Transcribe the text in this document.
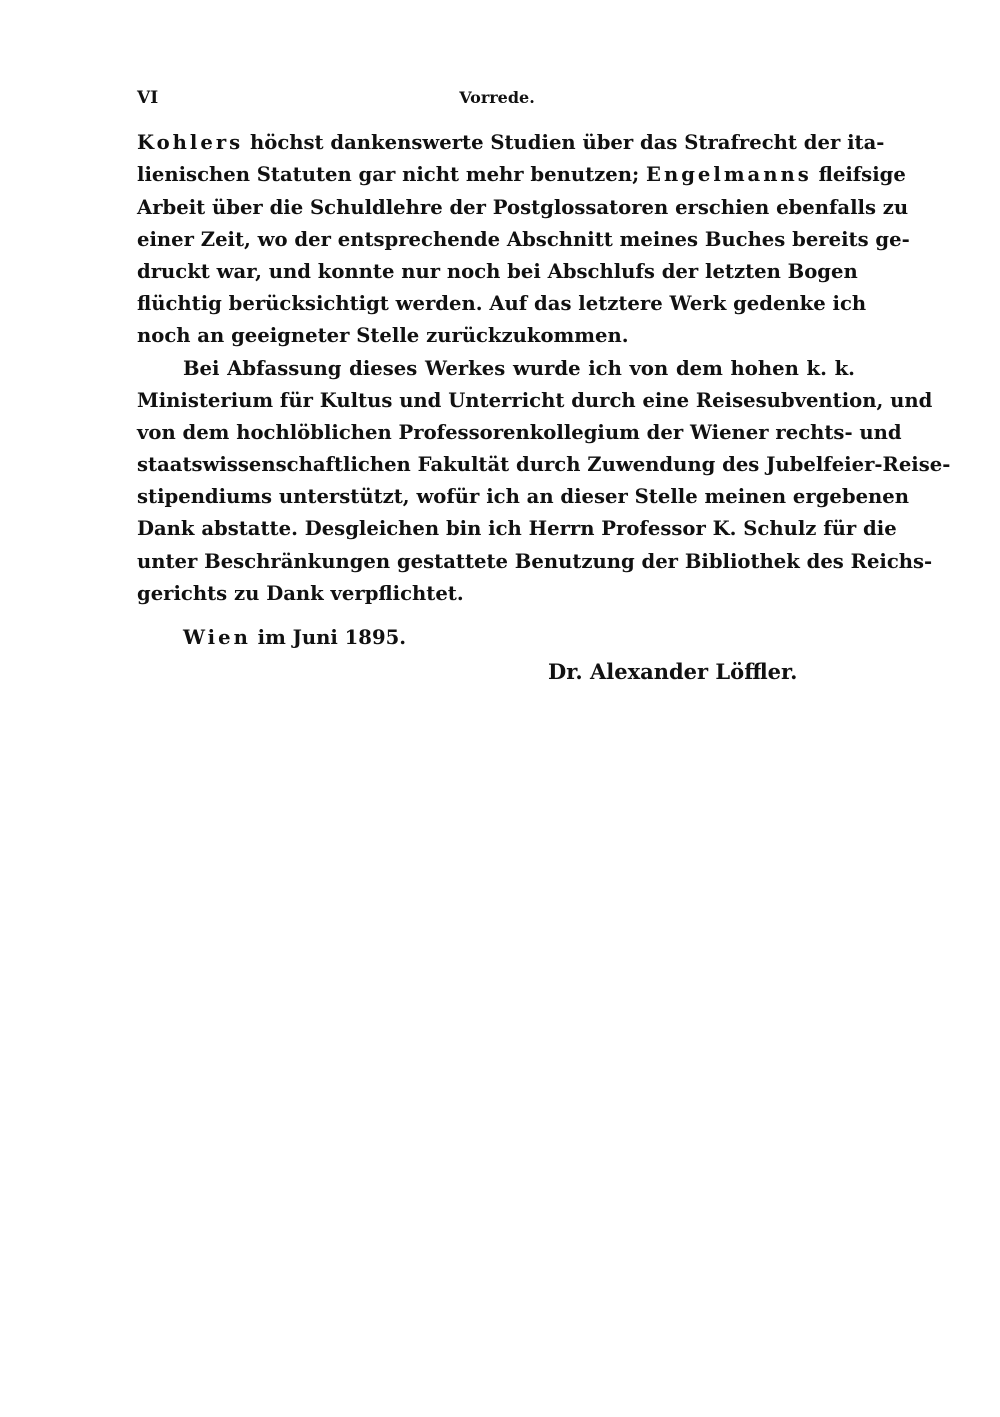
VI	Vorrede.
Kohlers höchst dankenswerte Studien über das Strafrecht der ita-
lienischen Statuten gar nicht mehr benutzen; Engelmanns fleifsige
Arbeit über die Schuldlehre der Postglossatoren erschien ebenfalls zu
einer Zeit, wo der entsprechende Abschnitt meines Buches bereits ge-
druckt war, und konnte nur noch bei Abschlufs der letzten Bogen
flüchtig berücksichtigt werden. Auf das letztere Werk gedenke ich
noch an geeigneter Stelle zurückzukommen.
Bei Abfassung dieses Werkes wurde ich von dem hohen k. k.
Ministerium für Kultus und Unterricht durch eine Reisesubvention, und
von dem hochlöblichen Professorenkollegium der Wiener rechts- und
staatswissenschaftlichen Fakultät durch Zuwendung des Jubelfeier-Reise-
stipendiums unterstützt, wofür ich an dieser Stelle meinen ergebenen
Dank abstatte. Desgleichen bin ich Herrn Professor K. Schulz für die
unter Beschränkungen gestattete Benutzung der Bibliothek des Reichs-
gerichts zu Dank verpflichtet.
Wien im Juni 1895.
Dr. Alexander Löffler.
